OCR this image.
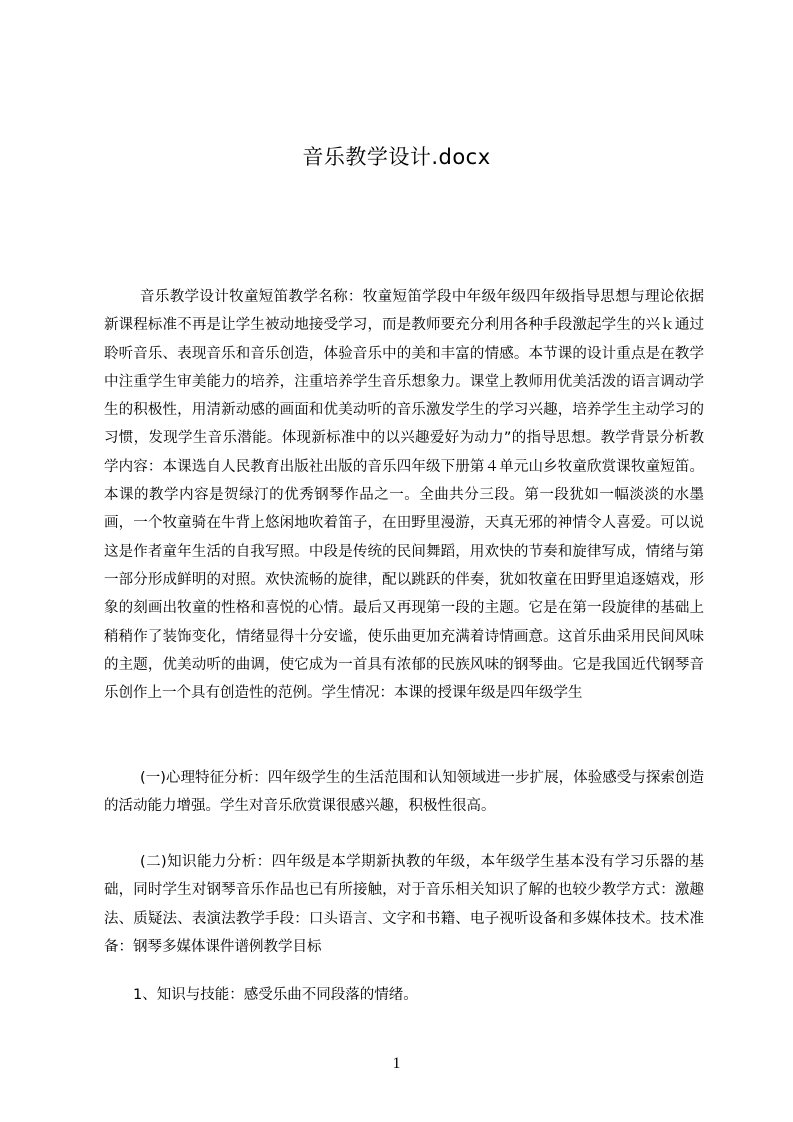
音乐教学设计.docx

音乐教学设计牧童短笛教学名称：牧童短笛学段中年级年级四年级指导思想与理论依据新课程标准不再是让学生被动地接受学习，而是教师要充分利用各种手段激起学生的兴ｋ通过聆听音乐、表现音乐和音乐创造，体验音乐中的美和丰富的情感。本节课的设计重点是在教学中注重学生审美能力的培养，注重培养学生音乐想象力。课堂上教师用优美活泼的语言调动学生的积极性，用清新动感的画面和优美动听的音乐激发学生的学习兴趣，培养学生主动学习的习惯，发现学生音乐潜能。体现新标准中的以兴趣爱好为动力”的指导思想。教学背景分析教学内容：本课选自人民教育出版社出版的音乐四年级下册第４单元山乡牧童欣赏课牧童短笛。本课的教学内容是贺绿汀的优秀钢琴作品之一。全曲共分三段。第一段犹如一幅淡淡的水墨画，一个牧童骑在牛背上悠闲地吹着笛子，在田野里漫游，天真无邪的神情令人喜爱。可以说这是作者童年生活的自我写照。中段是传统的民间舞蹈，用欢快的节奏和旋律写成，情绪与第一部分形成鲜明的对照。欢快流畅的旋律，配以跳跃的伴奏，犹如牧童在田野里追逐嬉戏，形象的刻画出牧童的性格和喜悦的心情。最后又再现第一段的主题。它是在第一段旋律的基础上稍稍作了装饰变化，情绪显得十分安谧，使乐曲更加充满着诗情画意。这首乐曲采用民间风味的主题，优美动听的曲调，使它成为一首具有浓郁的民族风味的钢琴曲。它是我国近代钢琴音乐创作上一个具有创造性的范例。学生情况：本课的授课年级是四年级学生

(一)心理特征分析：四年级学生的生活范围和认知领域进一步扩展，体验感受与探索创造的活动能力增强。学生对音乐欣赏课很感兴趣，积极性很高。

(二)知识能力分析：四年级是本学期新执教的年级，本年级学生基本没有学习乐器的基础，同时学生对钢琴音乐作品也已有所接触，对于音乐相关知识了解的也较少教学方式：激趣法、质疑法、表演法教学手段：口头语言、文字和书籍、电子视听设备和多媒体技术。技术准备：钢琴多媒体课件谱例教学目标

1、知识与技能：感受乐曲不同段落的情绪。

1
